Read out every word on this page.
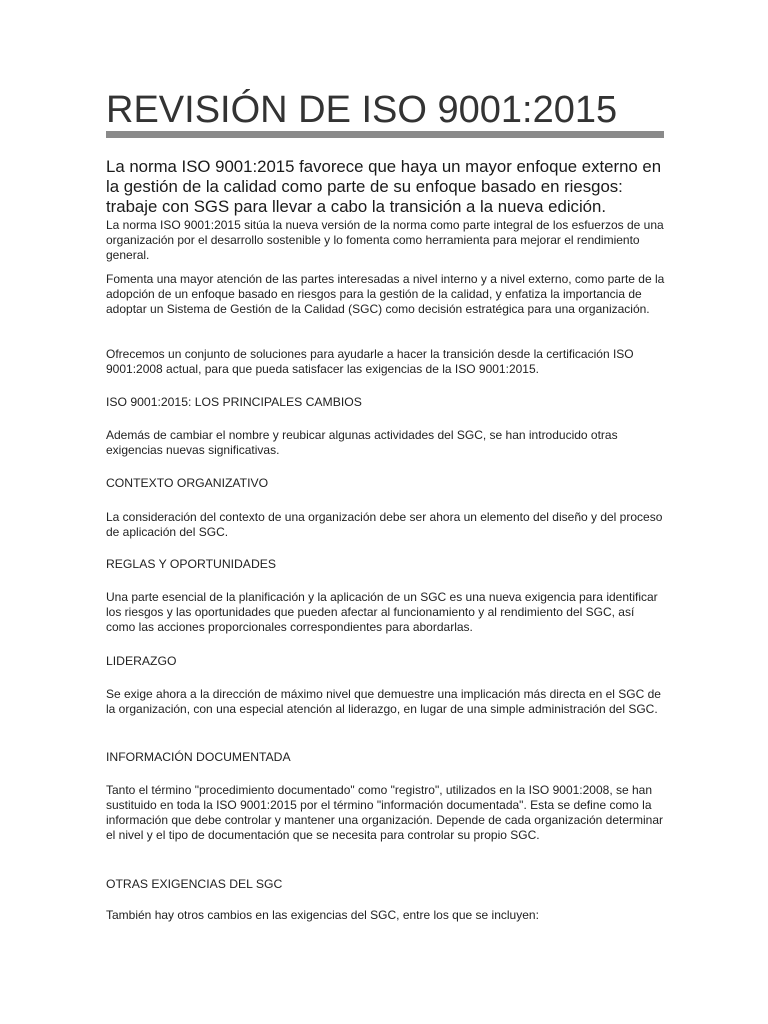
REVISIÓN DE ISO 9001:2015

La norma ISO 9001:2015 favorece que haya un mayor enfoque externo en la gestión de la calidad como parte de su enfoque basado en riesgos: trabaje con SGS para llevar a cabo la transición a la nueva edición.

La norma ISO 9001:2015 sitúa la nueva versión de la norma como parte integral de los esfuerzos de una organización por el desarrollo sostenible y lo fomenta como herramienta para mejorar el rendimiento general.

Fomenta una mayor atención de las partes interesadas a nivel interno y a nivel externo, como parte de la adopción de un enfoque basado en riesgos para la gestión de la calidad, y enfatiza la importancia de adoptar un Sistema de Gestión de la Calidad (SGC) como decisión estratégica para una organización.

Ofrecemos un conjunto de soluciones para ayudarle a hacer la transición desde la certificación ISO 9001:2008 actual, para que pueda satisfacer las exigencias de la ISO 9001:2015.

ISO 9001:2015: LOS PRINCIPALES CAMBIOS

Además de cambiar el nombre y reubicar algunas actividades del SGC, se han introducido otras exigencias nuevas significativas.

CONTEXTO ORGANIZATIVO

La consideración del contexto de una organización debe ser ahora un elemento del diseño y del proceso de aplicación del SGC.

REGLAS Y OPORTUNIDADES

Una parte esencial de la planificación y la aplicación de un SGC es una nueva exigencia para identificar los riesgos y las oportunidades que pueden afectar al funcionamiento y al rendimiento del SGC, así como las acciones proporcionales correspondientes para abordarlas.

LIDERAZGO

Se exige ahora a la dirección de máximo nivel que demuestre una implicación más directa en el SGC de la organización, con una especial atención al liderazgo, en lugar de una simple administración del SGC.

INFORMACIÓN DOCUMENTADA

Tanto el término "procedimiento documentado" como "registro", utilizados en la ISO 9001:2008, se han sustituido en toda la ISO 9001:2015 por el término "información documentada". Esta se define como la información que debe controlar y mantener una organización. Depende de cada organización determinar el nivel y el tipo de documentación que se necesita para controlar su propio SGC.

OTRAS EXIGENCIAS DEL SGC

También hay otros cambios en las exigencias del SGC, entre los que se incluyen:
